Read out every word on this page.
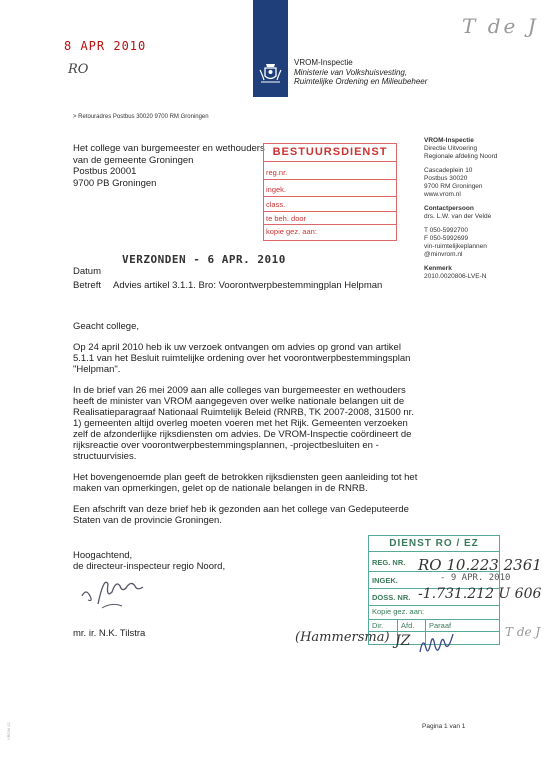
VROM-Inspectie
Ministerie van Volkshuisvesting,
Ruimtelijke Ordening en Milieubeheer
T de J
> Retouradres Postbus 30020 9700 RM Groningen
Het college van burgemeester en wethouders
van de gemeente Groningen
Postbus 20001
9700 PB Groningen
BESTUURSDIENST
reg.nr.
ingek.
class.
te beh. door
kopie gez. aan:
8 APR 2010
RO
VROM-Inspectie
Directie Uitvoering
Regionale afdeling Noord
Cascadeplein 10
Postbus 30020
9700 RM Groningen
www.vrom.nl
Contactpersoon
drs. L.W. van der Velde
T 050-5992700
F 050-5992699
vin-ruimtelijkeplannen
@minvrom.nl
Kenmerk
2010.0020806-LVE-N
VERZONDEN - 6 APR. 2010
Datum
Betreft Advies artikel 3.1.1. Bro: Voorontwerpbestemmingplan Helpman

Geacht college,

Op 24 april 2010 heb ik uw verzoek ontvangen om advies op grond van artikel 5.1.1 van het Besluit ruimtelijke ordening over het voorontwerpbestemmingsplan "Helpman".

In de brief van 26 mei 2009 aan alle colleges van burgemeester en wethouders heeft de minister van VROM aangegeven over welke nationale belangen uit de Realisatieparagraaf Nationaal Ruimtelijk Beleid (RNRB, TK 2007-2008, 31500 nr. 1) gemeenten altijd overleg moeten voeren met het Rijk. Gemeenten verzoeken zelf de afzonderlijke rijksdiensten om advies. De VROM-Inspectie coördineert de rijksreactie over voorontwerpbestemmingsplannen, -projectbesluiten en -structuurvisies.

Het bovengenoemde plan geeft de betrokken rijksdiensten geen aanleiding tot het maken van opmerkingen, gelet op de nationale belangen in de RNRB.

Een afschrift van deze brief heb ik gezonden aan het college van Gedeputeerde Staten van de provincie Groningen.

Hoogachtend,
de directeur-inspecteur regio Noord,
mr. ir. N.K. Tilstra
DIENST RO / EZ
REG. NR.
INGEK.
DOSS. NR.
Kopie gez. aan:
Dir. Afd. Paraaf
RO 10.223 2361
- 9 APR. 2010
-1.731.212 U 606
T de J
(Hammersma) JZ
Pagina 1 van 1
VROM 12
